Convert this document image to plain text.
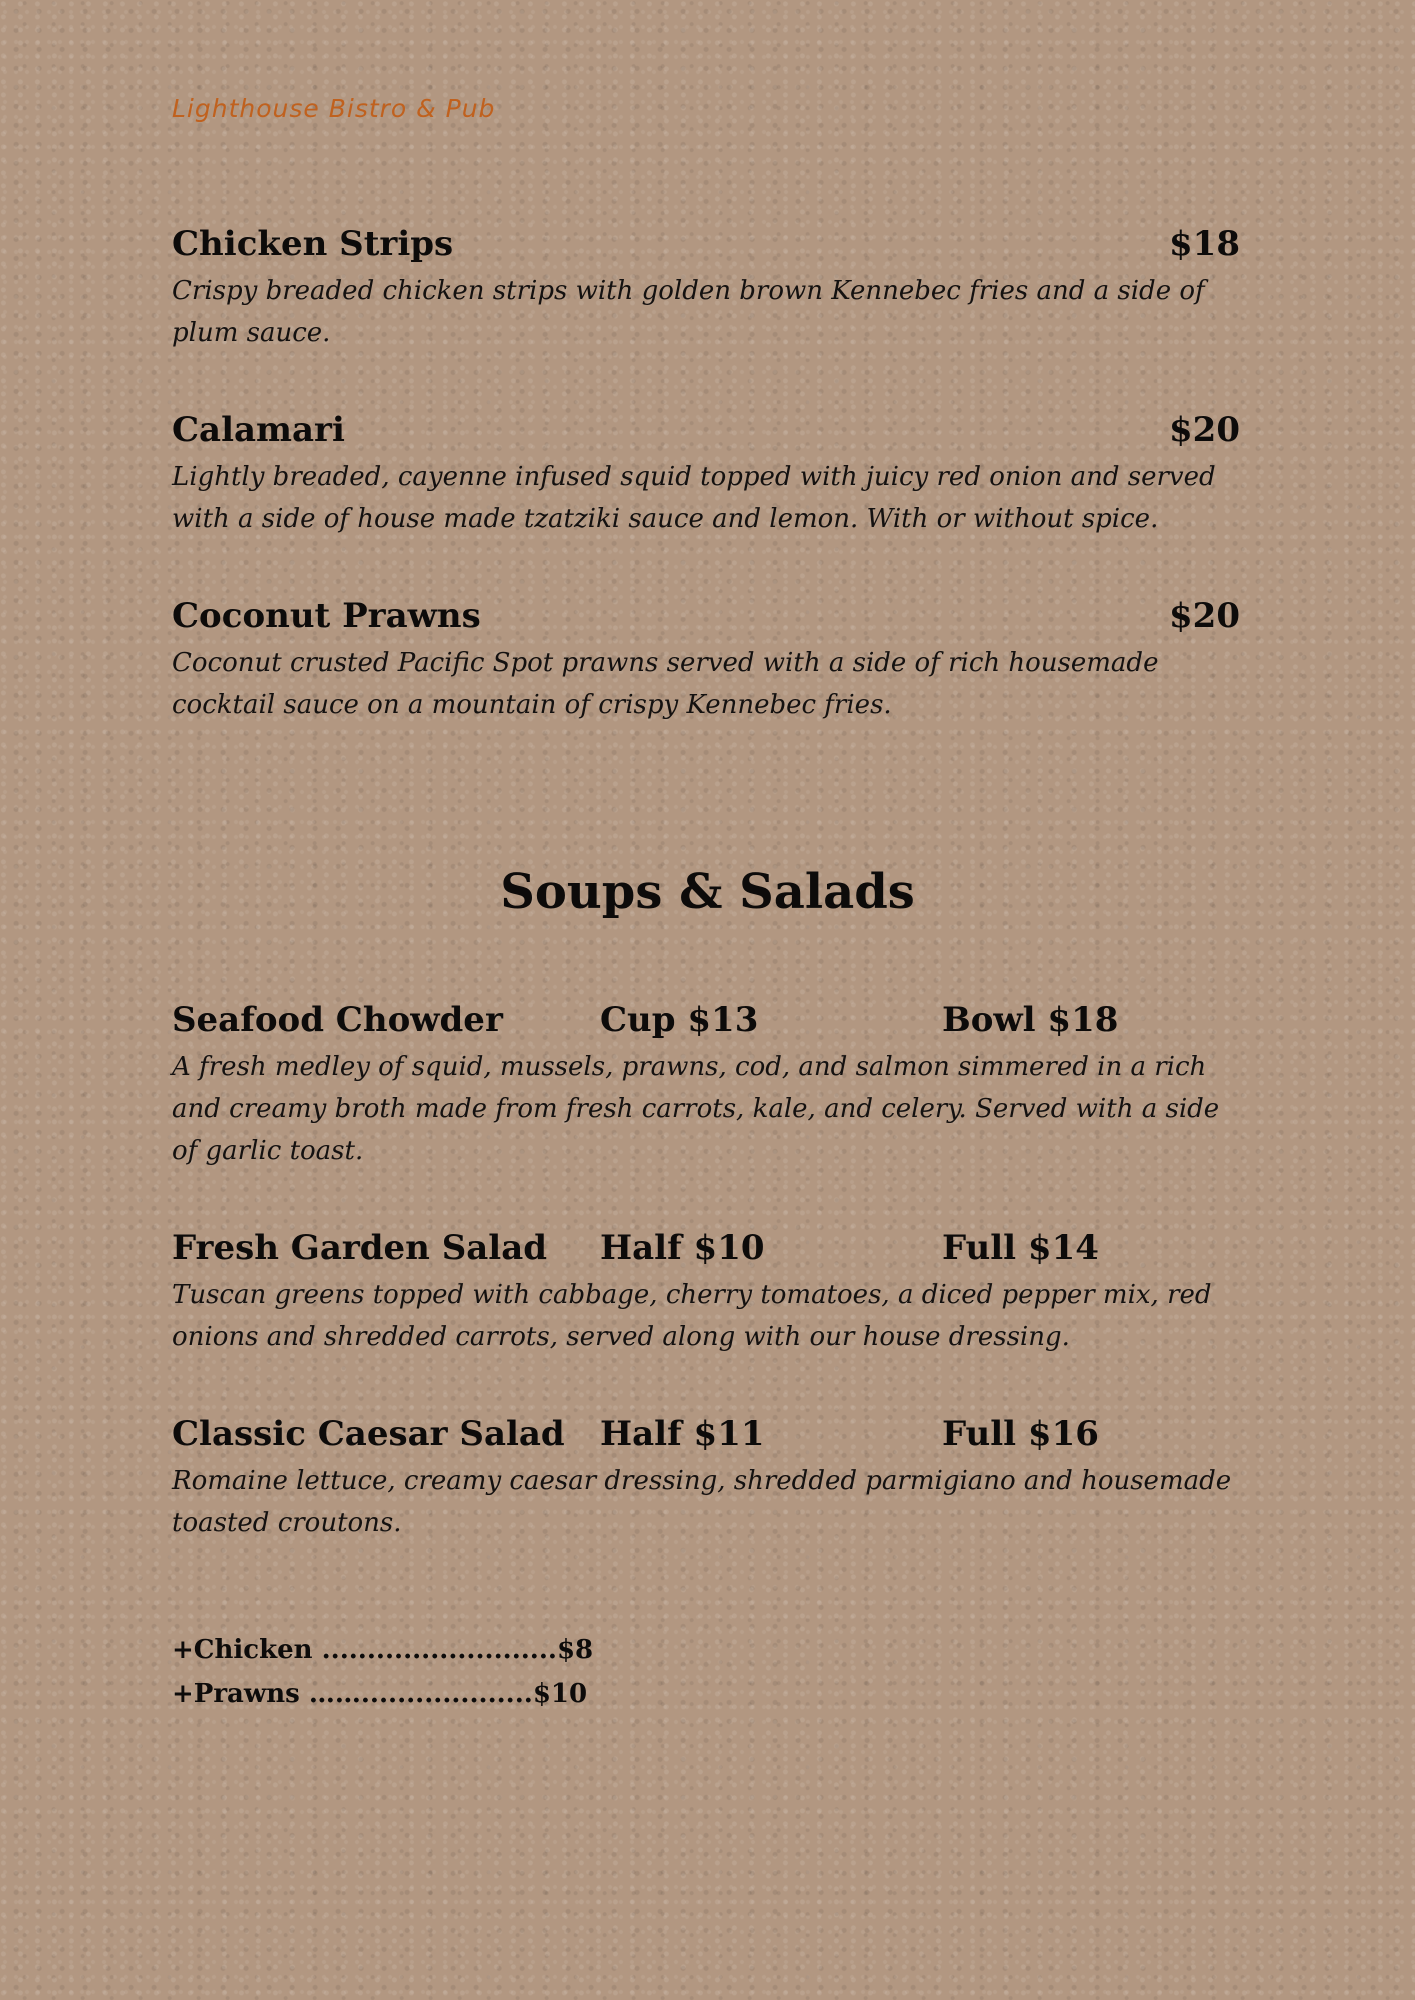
Lighthouse Bistro & Pub
Chicken Strips	$18
Crispy breaded chicken strips with golden brown Kennebec fries and a side of plum sauce.
Calamari	$20
Lightly breaded, cayenne infused squid topped with juicy red onion and served with a side of house made tzatziki sauce and lemon. With or without spice.
Coconut Prawns	$20
Coconut crusted Pacific Spot prawns served with a side of rich housemade cocktail sauce on a mountain of crispy Kennebec fries.
Soups & Salads
Seafood Chowder	Cup $13	Bowl $18
A fresh medley of squid, mussels, prawns, cod, and salmon simmered in a rich and creamy broth made from fresh carrots, kale, and celery. Served with a side of garlic toast.
Fresh Garden Salad Half $10	Full $14
Tuscan greens topped with cabbage, cherry tomatoes, a diced pepper mix, red onions and shredded carrots, served along with our house dressing.
Classic Caesar Salad Half $11	Full $16
Romaine lettuce, creamy caesar dressing, shredded parmigiano and housemade toasted croutons.
+Chicken ..........................$8
+Prawns ……...................$10
